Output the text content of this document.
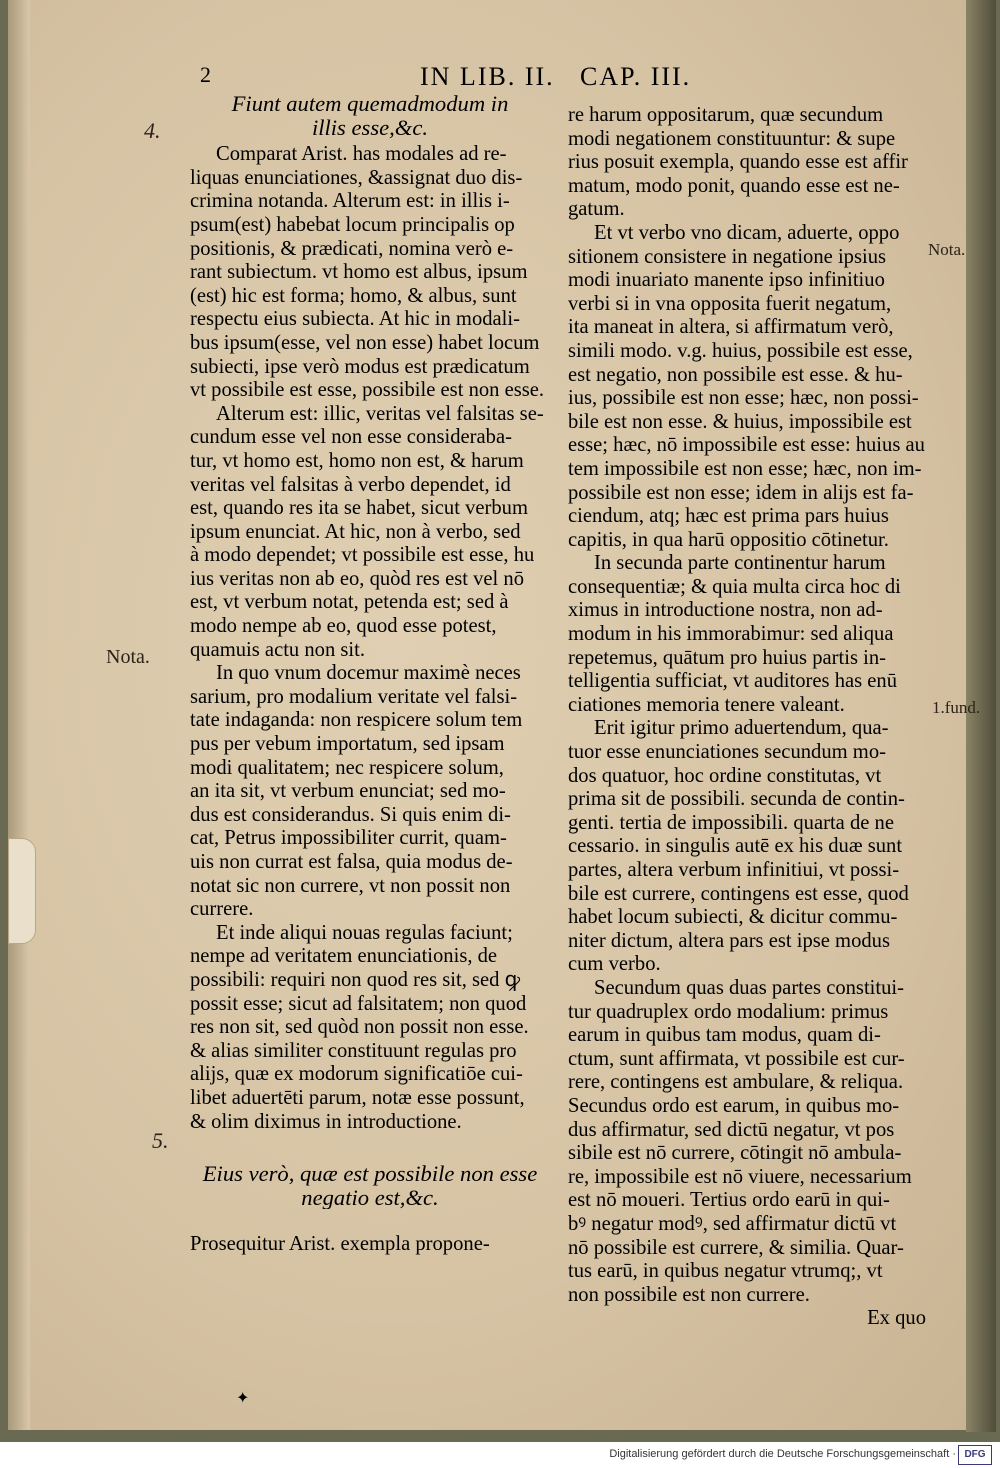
2	IN LIB. II. CAP. III.
4.
Nota.
5.
Nota.
1.fund.
Fiunt autem quemadmodum in
illis esse,&c.
Comparat Arist. has modales ad re-
liquas enunciationes, &assignat duo dis-
crimina notanda. Alterum est: in illis i-
psum(est) habebat locum principalis op
positionis, & prædicati, nomina verò e-
rant subiectum. vt homo est albus, ipsum
(est) hic est forma; homo, & albus, sunt
respectu eius subiecta. At hic in modali-
bus ipsum(esse, vel non esse) habet locum
subiecti, ipse verò modus est prædicatum
vt possibile est esse, possibile est non esse.
Alterum est: illic, veritas vel falsitas se-
cundum esse vel non esse consideraba-
tur, vt homo est, homo non est, & harum
veritas vel falsitas à verbo dependet, id
est, quando res ita se habet, sicut verbum
ipsum enunciat. At hic, non à verbo, sed
à modo dependet; vt possibile est esse, hu
ius veritas non ab eo, quòd res est vel nō
est, vt verbum notat, petenda est; sed à
modo nempe ab eo, quod esse potest,
quamuis actu non sit.
In quo vnum docemur maximè neces
sarium, pro modalium veritate vel falsi-
tate indaganda: non respicere solum tem
pus per vebum importatum, sed ipsam
modi qualitatem; nec respicere solum,
an ita sit, vt verbum enunciat; sed mo-
dus est considerandus. Si quis enim di-
cat, Petrus impossibiliter currit, quam-
uis non currat est falsa, quia modus de-
notat sic non currere, vt non possit non
currere.
Et inde aliqui nouas regulas faciunt;
nempe ad veritatem enunciationis, de
possibili: requiri non quod res sit, sed ꝙ
possit esse; sicut ad falsitatem; non quod
res non sit, sed quòd non possit non esse.
& alias similiter constituunt regulas pro
alijs, quæ ex modorum significatiōe cui-
libet aduertēti parum, notæ esse possunt,
& olim diximus in introductione.
Eius verò, quæ est possibile non esse
negatio est,&c.
Prosequitur Arist. exempla propone-
re harum oppositarum, quæ secundum
modi negationem constituuntur: & supe
rius posuit exempla, quando esse est affir
matum, modo ponit, quando esse est ne-
gatum.
Et vt verbo vno dicam, aduerte, oppo
sitionem consistere in negatione ipsius
modi inuariato manente ipso infinitiuo
verbi si in vna opposita fuerit negatum,
ita maneat in altera, si affirmatum verò,
simili modo. v.g. huius, possibile est esse,
est negatio, non possibile est esse. & hu-
ius, possibile est non esse; hæc, non possi-
bile est non esse. & huius, impossibile est
esse; hæc, nō impossibile est esse: huius au
tem impossibile est non esse; hæc, non im-
possibile est non esse; idem in alijs est fa-
ciendum, atq; hæc est prima pars huius
capitis, in qua harū oppositio cōtinetur.
In secunda parte continentur harum
consequentiæ; & quia multa circa hoc di
ximus in introductione nostra, non ad-
modum in his immorabimur: sed aliqua
repetemus, quātum pro huius partis in-
telligentia sufficiat, vt auditores has enū
ciationes memoria tenere valeant.
Erit igitur primo aduertendum, qua-
tuor esse enunciationes secundum mo-
dos quatuor, hoc ordine constitutas, vt
prima sit de possibili. secunda de contin-
genti. tertia de impossibili. quarta de ne
cessario. in singulis autē ex his duæ sunt
partes, altera verbum infinitiui, vt possi-
bile est currere, contingens est esse, quod
habet locum subiecti, & dicitur commu-
niter dictum, altera pars est ipse modus
cum verbo.
Secundum quas duas partes constitui-
tur quadruplex ordo modalium: primus
earum in quibus tam modus, quam di-
ctum, sunt affirmata, vt possibile est cur-
rere, contingens est ambulare, & reliqua.
Secundus ordo est earum, in quibus mo-
dus affirmatur, sed dictū negatur, vt pos
sibile est nō currere, cōtingit nō ambula-
re, impossibile est nō viuere, necessarium
est nō moueri. Tertius ordo earū in qui-
bꝰ negatur modꝰ, sed affirmatur dictū vt
nō possibile est currere, & similia. Quar-
tus earū, in quibus negatur vtrumq;, vt
non possibile est non currere.
Ex quo
✦
Digitalisierung gefördert durch die Deutsche Forschungsgemeinschaft · DFG
